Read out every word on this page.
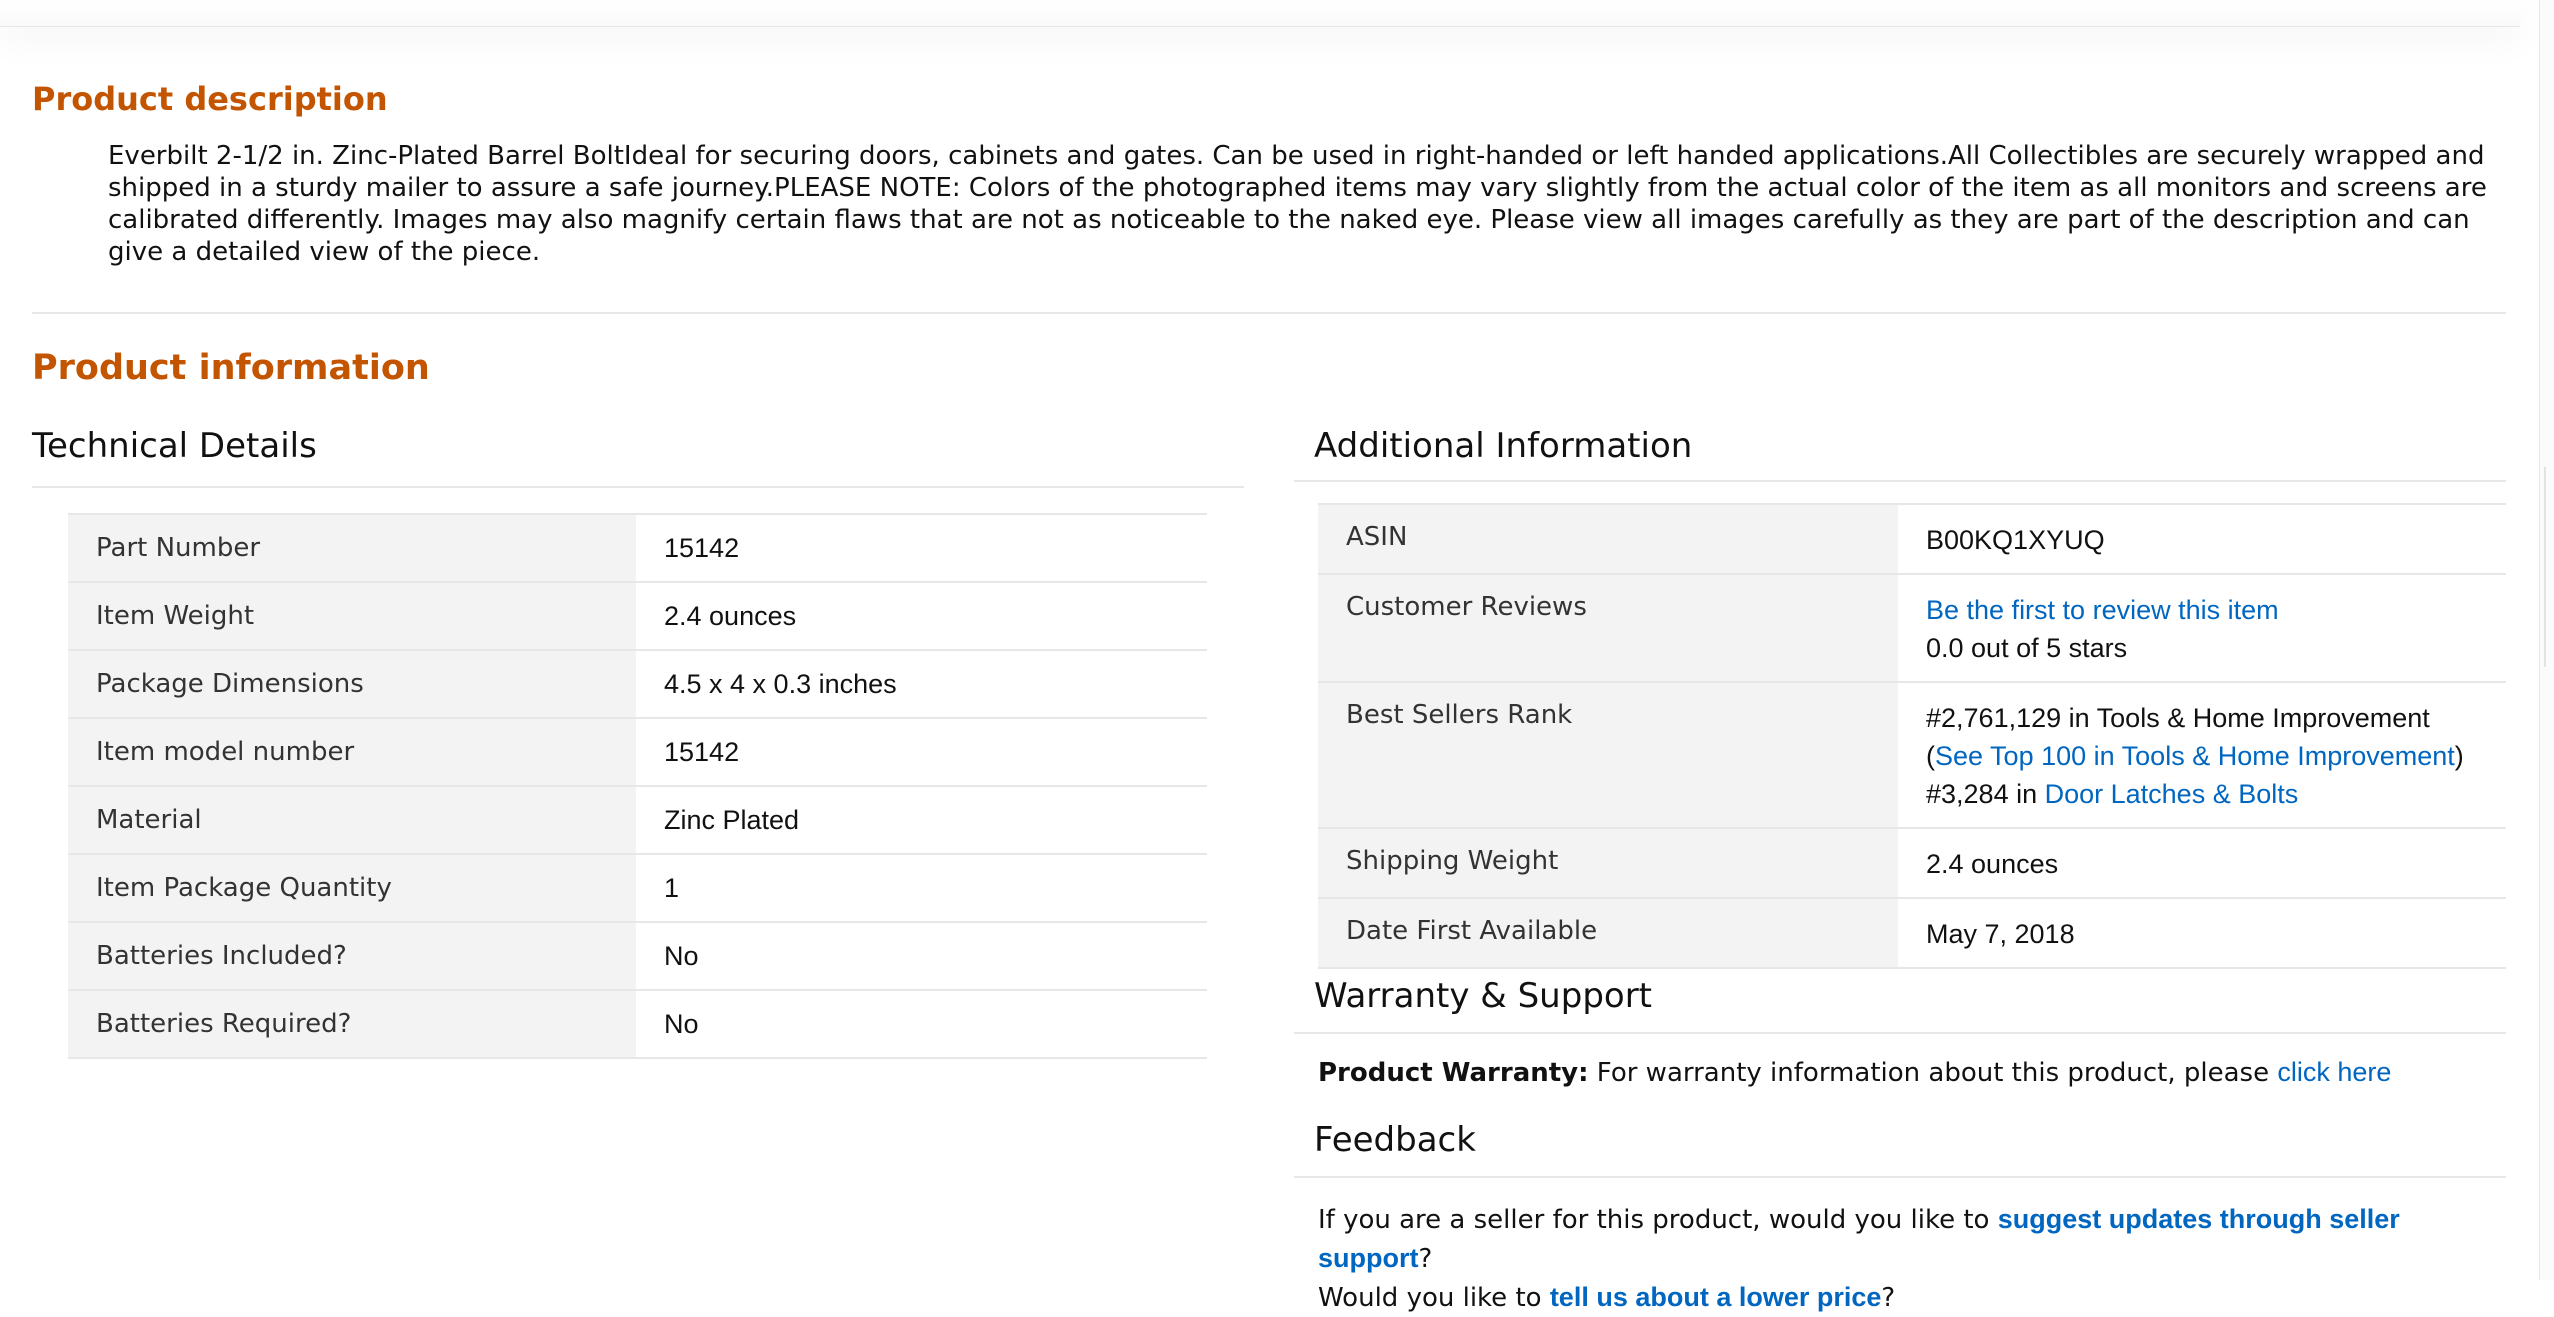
Product description
Everbilt 2-1/2 in. Zinc-Plated Barrel BoltIdeal for securing doors, cabinets and gates. Can be used in right-handed or left handed applications.All Collectibles are securely wrapped and shipped in a sturdy mailer to assure a safe journey.PLEASE NOTE: Colors of the photographed items may vary slightly from the actual color of the item as all monitors and screens are calibrated differently. Images may also magnify certain flaws that are not as noticeable to the naked eye. Please view all images carefully as they are part of the description and can give a detailed view of the piece.
Product information
Technical Details
Part Number	15142
Item Weight	2.4 ounces
Package Dimensions	4.5 x 4 x 0.3 inches
Item model number	15142
Material	Zinc Plated
Item Package Quantity	1
Batteries Included?	No
Batteries Required?	No
Additional Information
ASIN	B00KQ1XYUQ
Customer Reviews	Be the first to review this item
0.0 out of 5 stars
Best Sellers Rank	#2,761,129 in Tools & Home Improvement
(See Top 100 in Tools & Home Improvement)
#3,284 in Door Latches & Bolts
Shipping Weight	2.4 ounces
Date First Available	May 7, 2018
Warranty & Support
Product Warranty: For warranty information about this product, please click here
Feedback
If you are a seller for this product, would you like to suggest updates through seller support?
Would you like to tell us about a lower price?
